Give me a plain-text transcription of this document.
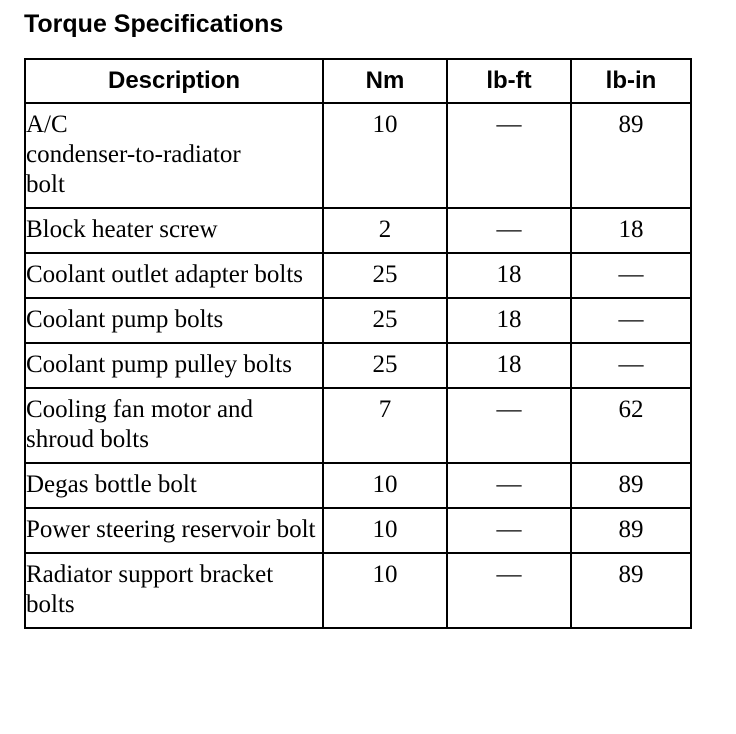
Torque Specifications
Description	Nm	lb-ft	lb-in
A/C
condenser-to-radiator
bolt	10	—	89
Block heater screw	2	—	18
Coolant outlet adapter bolts	25	18	—
Coolant pump bolts	25	18	—
Coolant pump pulley bolts	25	18	—
Cooling fan motor and shroud bolts	7	—	62
Degas bottle bolt	10	—	89
Power steering reservoir bolt	10	—	89
Radiator support bracket bolts	10	—	89
